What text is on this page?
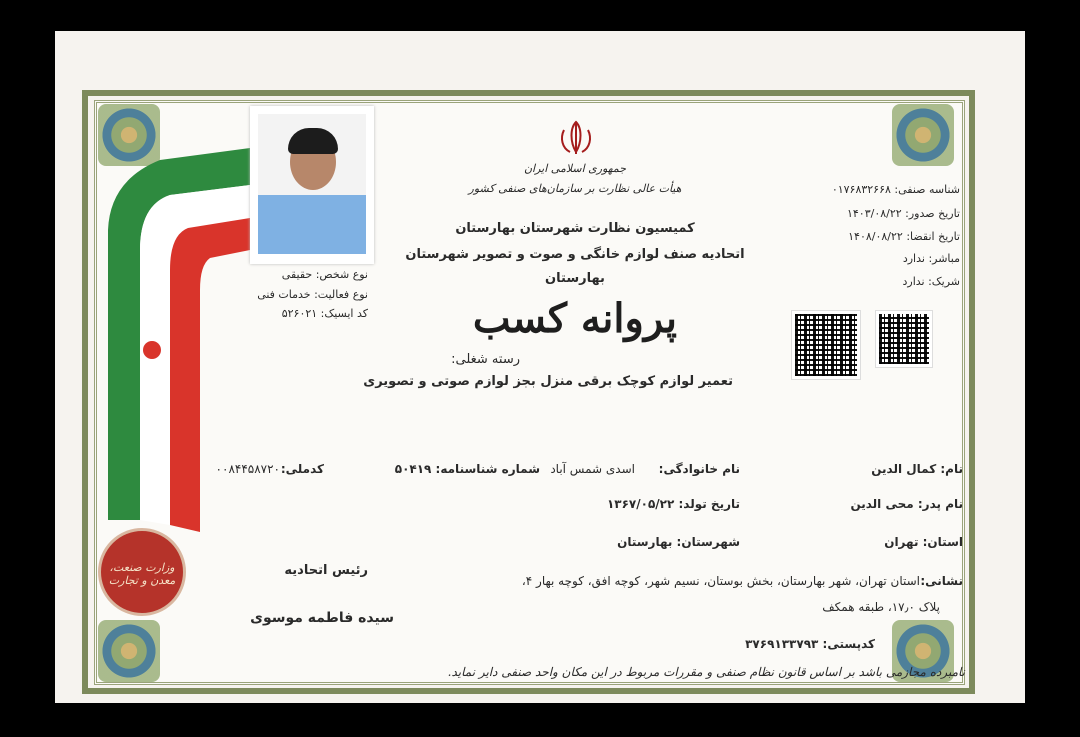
جمهوری اسلامی ایران
هیأت عالی نظارت بر سازمان‌های صنفی کشور
کمیسیون نظارت شهرستان بهارستان
اتحادیه صنف لوازم خانگی و صوت و تصویر شهرستان
بهارستان
پروانه کسب
رسته شغلی:
تعمیر لوازم کوچک برقی منزل بجز لوازم صوتی و تصویری
شناسه صنفی: ۰۱۷۶۸۳۲۶۶۸
تاریخ صدور: ۱۴۰۳/۰۸/۲۲
تاریخ انقضا: ۱۴۰۸/۰۸/۲۲
مباشر: ندارد
شریک: ندارد
نوع شخص: حقیقی
نوع فعالیت: خدمات فنی
کد ایسیک: ۵۲۶۰۲۱
نام: کمال الدین
نام خانوادگی:
اسدی شمس آباد
شماره شناسنامه: ۵۰۴۱۹
کدملی:
۰۰۸۴۴۵۸۷۲۰
نام پدر: محی الدین
تاریخ تولد: ۱۳۶۷/۰۵/۲۲
استان: تهران
شهرستان: بهارستان
نشانی:
استان تهران، شهر بهارستان، بخش بوستان، نسیم شهر، کوچه افق، کوچه بهار ۴،
پلاک ۱۷٫۰، طبقه همکف
کدپستی: ۳۷۶۹۱۳۳۷۹۳
رئیس اتحادیه
سیده فاطمه موسوی
نامبرده مجازمی باشد بر اساس قانون نظام صنفی و مقررات مربوط در این مکان واحد صنفی دایر نماید.
وزارت صنعت، معدن و تجارت
